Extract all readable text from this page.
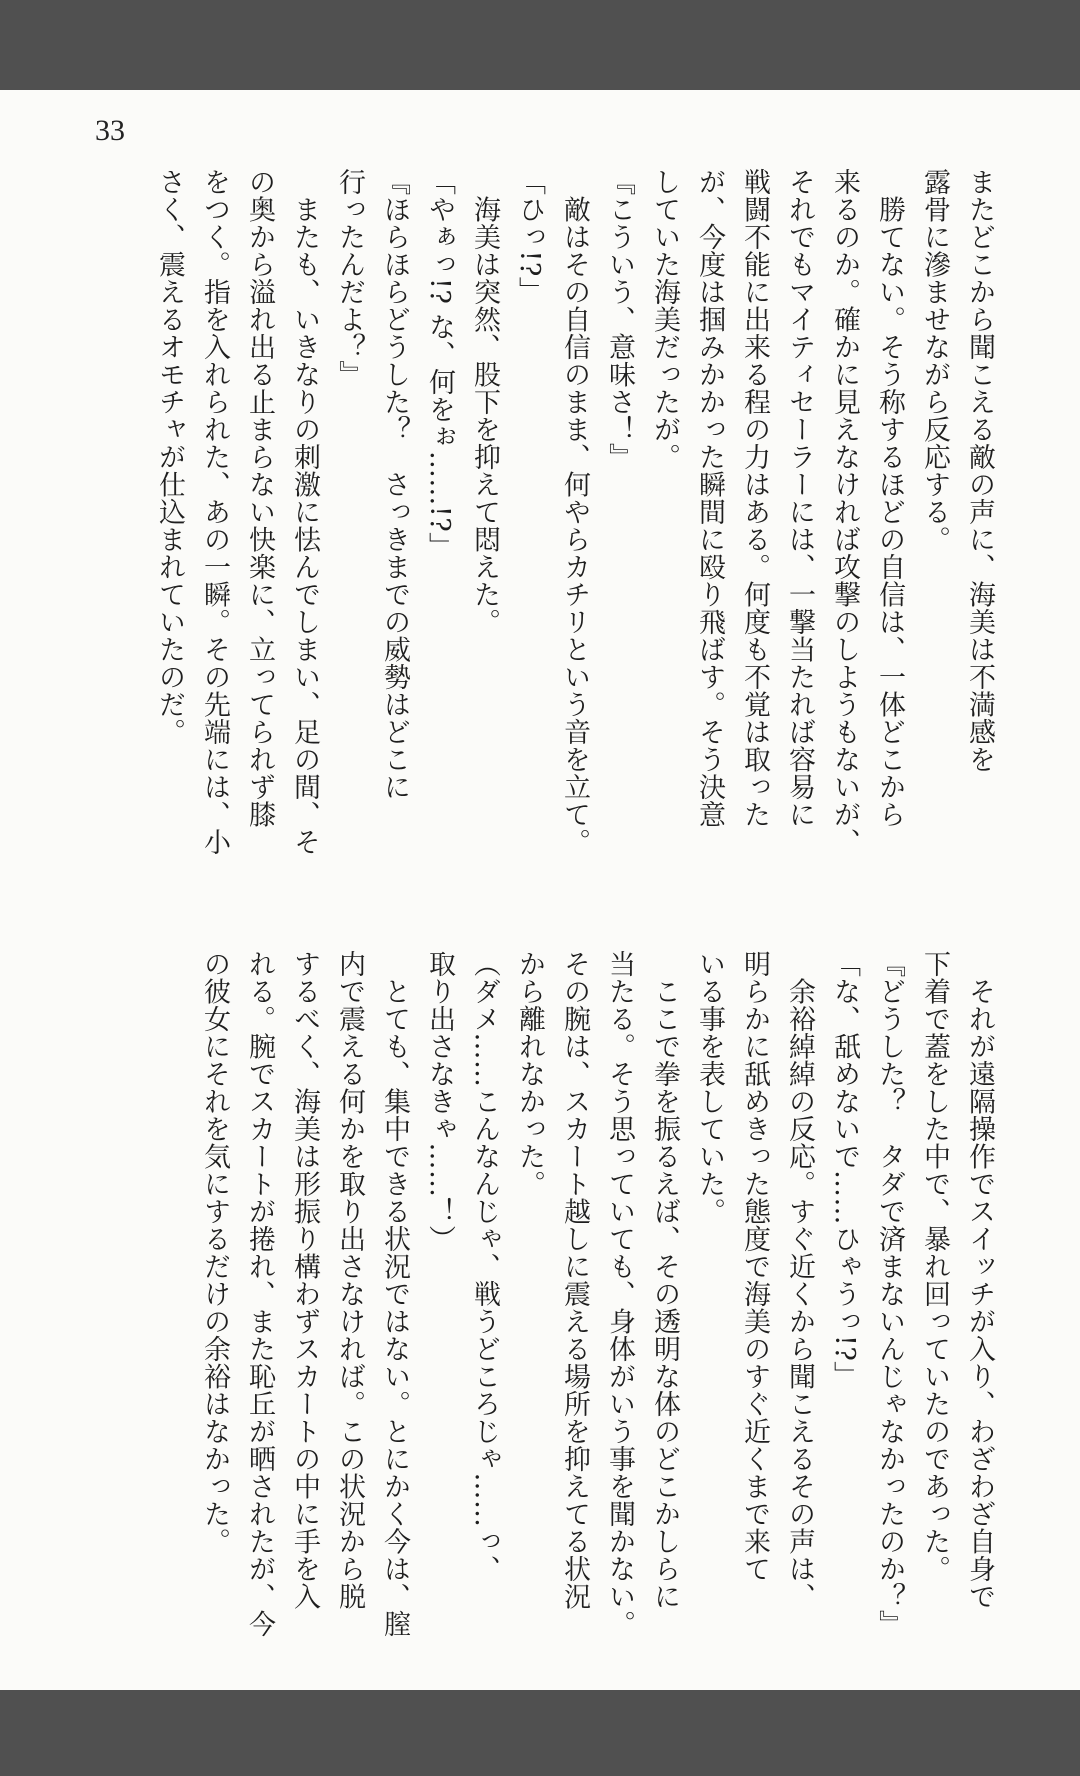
33
またどこから聞こえる敵の声に、海美は不満感を
露骨に滲ませながら反応する。
　勝てない。そう称するほどの自信は、一体どこから
来るのか。確かに見えなければ攻撃のしようもないが、
それでもマイティセーラーには、一撃当たれば容易に
戦闘不能に出来る程の力はある。何度も不覚は取った
が、今度は掴みかかった瞬間に殴り飛ばす。そう決意
していた海美だったが。
『こういう、意味さ！』
　敵はその自信のまま、何やらカチリという音を立て。
「ひっ!?」
　海美は突然、股下を抑えて悶えた。
「やぁっ!? な、何をぉ……!?」
『ほらほらどうした？　さっきまでの威勢はどこに
行ったんだよ？』
　またも、いきなりの刺激に怯んでしまい、足の間、そ
の奥から溢れ出る止まらない快楽に、立ってられず膝
をつく。指を入れられた、あの一瞬。その先端には、小
さく、震えるオモチャが仕込まれていたのだ。
　それが遠隔操作でスイッチが入り、わざわざ自身で
下着で蓋をした中で、暴れ回っていたのであった。
『どうした？　タダで済まないんじゃなかったのか？』
「な、舐めないで……ひゃうっ!?」
　余裕綽綽の反応。すぐ近くから聞こえるその声は、
明らかに舐めきった態度で海美のすぐ近くまで来て
いる事を表していた。
　ここで拳を振るえば、その透明な体のどこかしらに
当たる。そう思っていても、身体がいう事を聞かない。
その腕は、スカート越しに震える場所を抑えてる状況
から離れなかった。
（ダメ……こんなんじゃ、戦うどころじゃ……っ、
取り出さなきゃ……！）
　とても、集中できる状況ではない。とにかく今は、膣
内で震える何かを取り出さなければ。この状況から脱
するべく、海美は形振り構わずスカートの中に手を入
れる。腕でスカートが捲れ、また恥丘が晒されたが、今
の彼女にそれを気にするだけの余裕はなかった。
